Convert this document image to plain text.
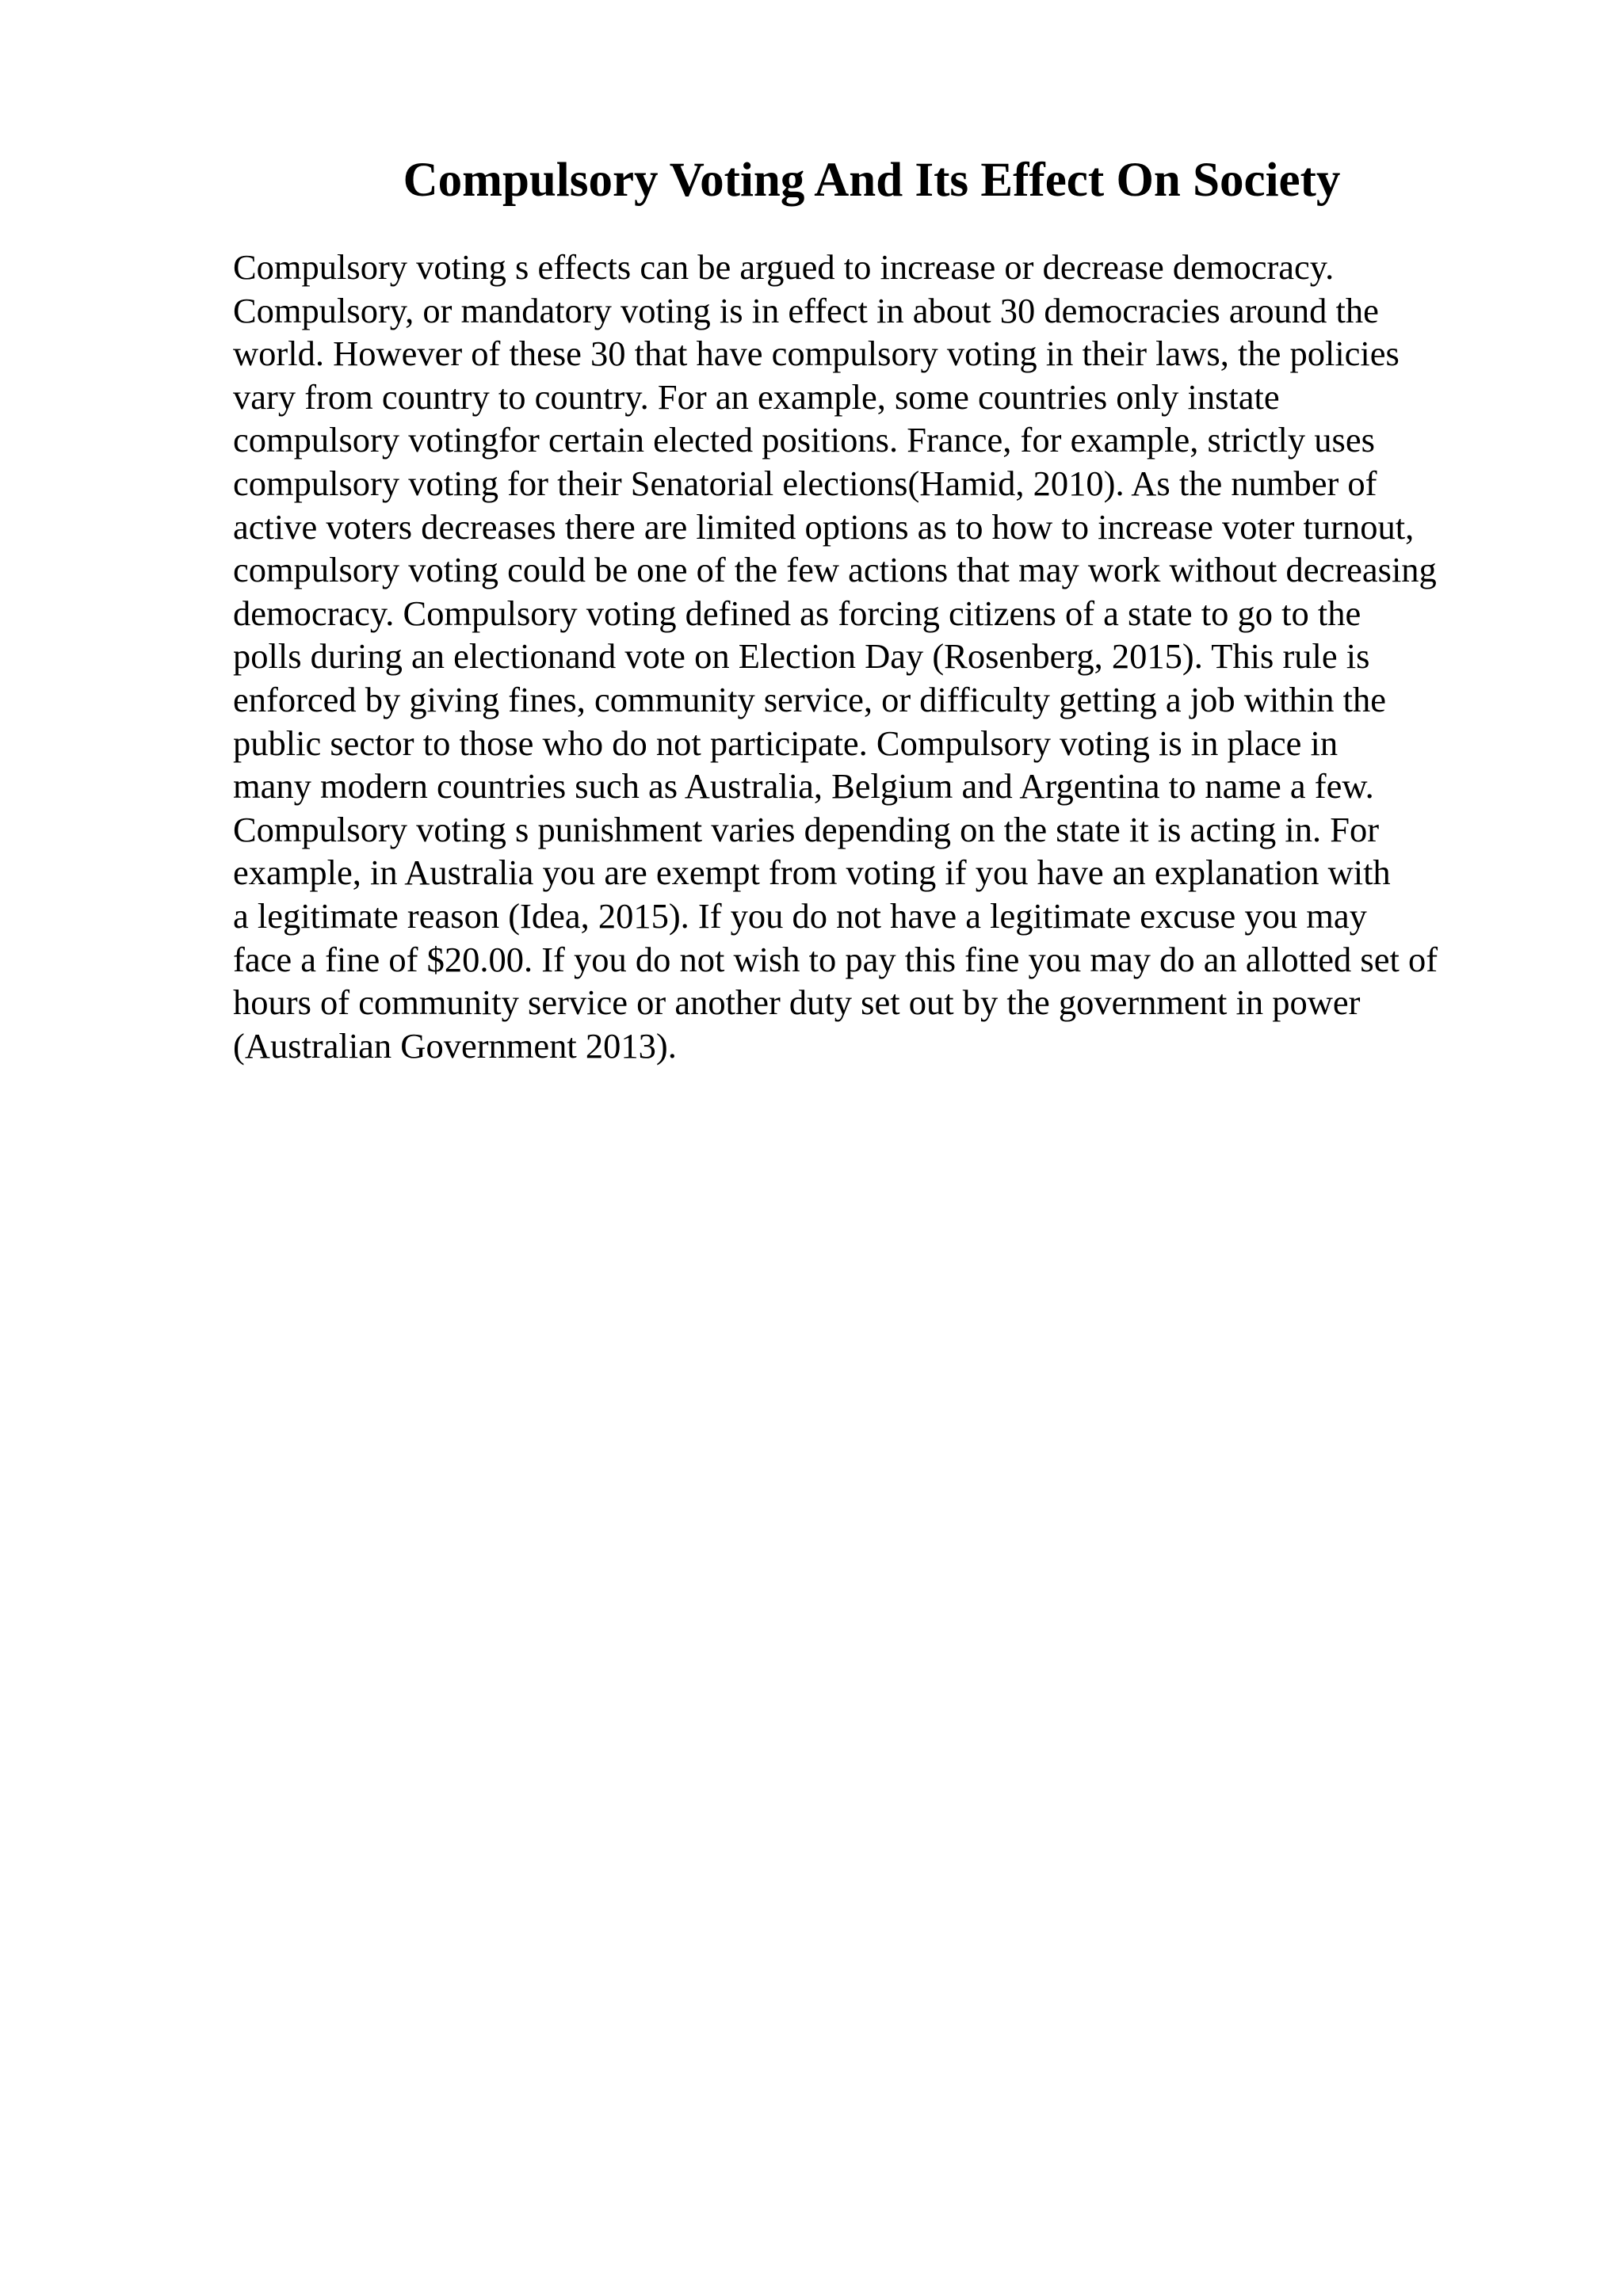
Compulsory Voting And Its Effect On Society
Compulsory voting s effects can be argued to increase or decrease democracy.
Compulsory, or mandatory voting is in effect in about 30 democracies around the
world. However of these 30 that have compulsory voting in their laws, the policies
vary from country to country. For an example, some countries only instate
compulsory votingfor certain elected positions. France, for example, strictly uses
compulsory voting for their Senatorial elections(Hamid, 2010). As the number of
active voters decreases there are limited options as to how to increase voter turnout,
compulsory voting could be one of the few actions that may work without decreasing
democracy. Compulsory voting defined as forcing citizens of a state to go to the
polls during an electionand vote on Election Day (Rosenberg, 2015). This rule is
enforced by giving fines, community service, or difficulty getting a job within the
public sector to those who do not participate. Compulsory voting is in place in
many modern countries such as Australia, Belgium and Argentina to name a few.
Compulsory voting s punishment varies depending on the state it is acting in. For
example, in Australia you are exempt from voting if you have an explanation with
a legitimate reason (Idea, 2015). If you do not have a legitimate excuse you may
face a fine of $20.00. If you do not wish to pay this fine you may do an allotted set of
hours of community service or another duty set out by the government in power
(Australian Government 2013).
